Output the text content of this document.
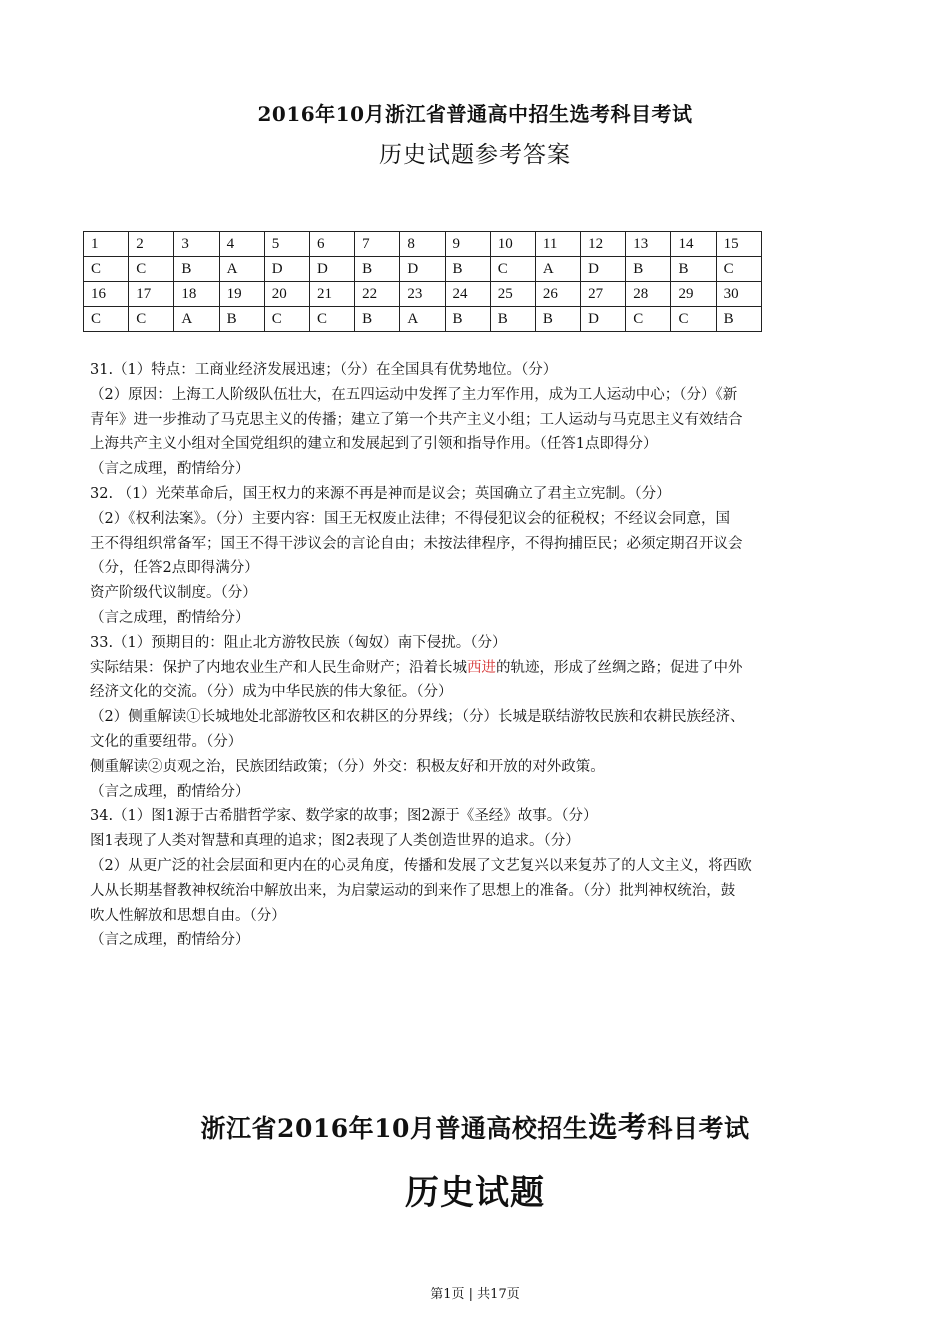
2016年10月浙江省普通高中招生选考科目考试
历史试题参考答案
1	2	3	4	5	6	7	8	9	10	11	12	13	14	15
C	C	B	A	D	D	B	D	B	C	A	D	B	B	C
16	17	18	19	20	21	22	23	24	25	26	27	28	29	30
C	C	A	B	C	C	B	A	B	B	B	D	C	C	B

31.（1）特点：工商业经济发展迅速；（分）在全国具有优势地位。（分）

（2）原因：上海工人阶级队伍壮大，在五四运动中发挥了主力军作用，成为工人运动中心；（分）《新

青年》进一步推动了马克思主义的传播；建立了第一个共产主义小组；工人运动与马克思主义有效结合

上海共产主义小组对全国党组织的建立和发展起到了引领和指导作用。（任答1点即得分）

（言之成理，酌情给分）

32. （1）光荣革命后，国王权力的来源不再是神而是议会；英国确立了君主立宪制。（分）

（2）《权利法案》。（分）主要内容：国王无权废止法律；不得侵犯议会的征税权；不经议会同意，国

王不得组织常备军；国王不得干涉议会的言论自由；未按法律程序，不得拘捕臣民；必须定期召开议会

（分，任答2点即得满分）

资产阶级代议制度。（分）

（言之成理，酌情给分）

33.（1）预期目的：阻止北方游牧民族（匈奴）南下侵扰。（分）

实际结果：保护了内地农业生产和人民生命财产；沿着长城西进的轨迹，形成了丝绸之路；促进了中外

经济文化的交流。（分）成为中华民族的伟大象征。（分）

（2）侧重解读①长城地处北部游牧区和农耕区的分界线；（分）长城是联结游牧民族和农耕民族经济、

文化的重要纽带。（分）

侧重解读②贞观之治，民族团结政策；（分）外交：积极友好和开放的对外政策。

（言之成理，酌情给分）

34.（1）图1源于古希腊哲学家、数学家的故事；图2源于《圣经》故事。（分）

图1表现了人类对智慧和真理的追求；图2表现了人类创造世界的追求。（分）

（2）从更广泛的社会层面和更内在的心灵角度，传播和发展了文艺复兴以来复苏了的人文主义，将西欧

人从长期基督教神权统治中解放出来，为启蒙运动的到来作了思想上的准备。（分）批判神权统治，鼓

吹人性解放和思想自由。（分）

（言之成理，酌情给分）

浙江省2016年10月普通高校招生选考科目考试
历史试题
第1页 | 共17页
